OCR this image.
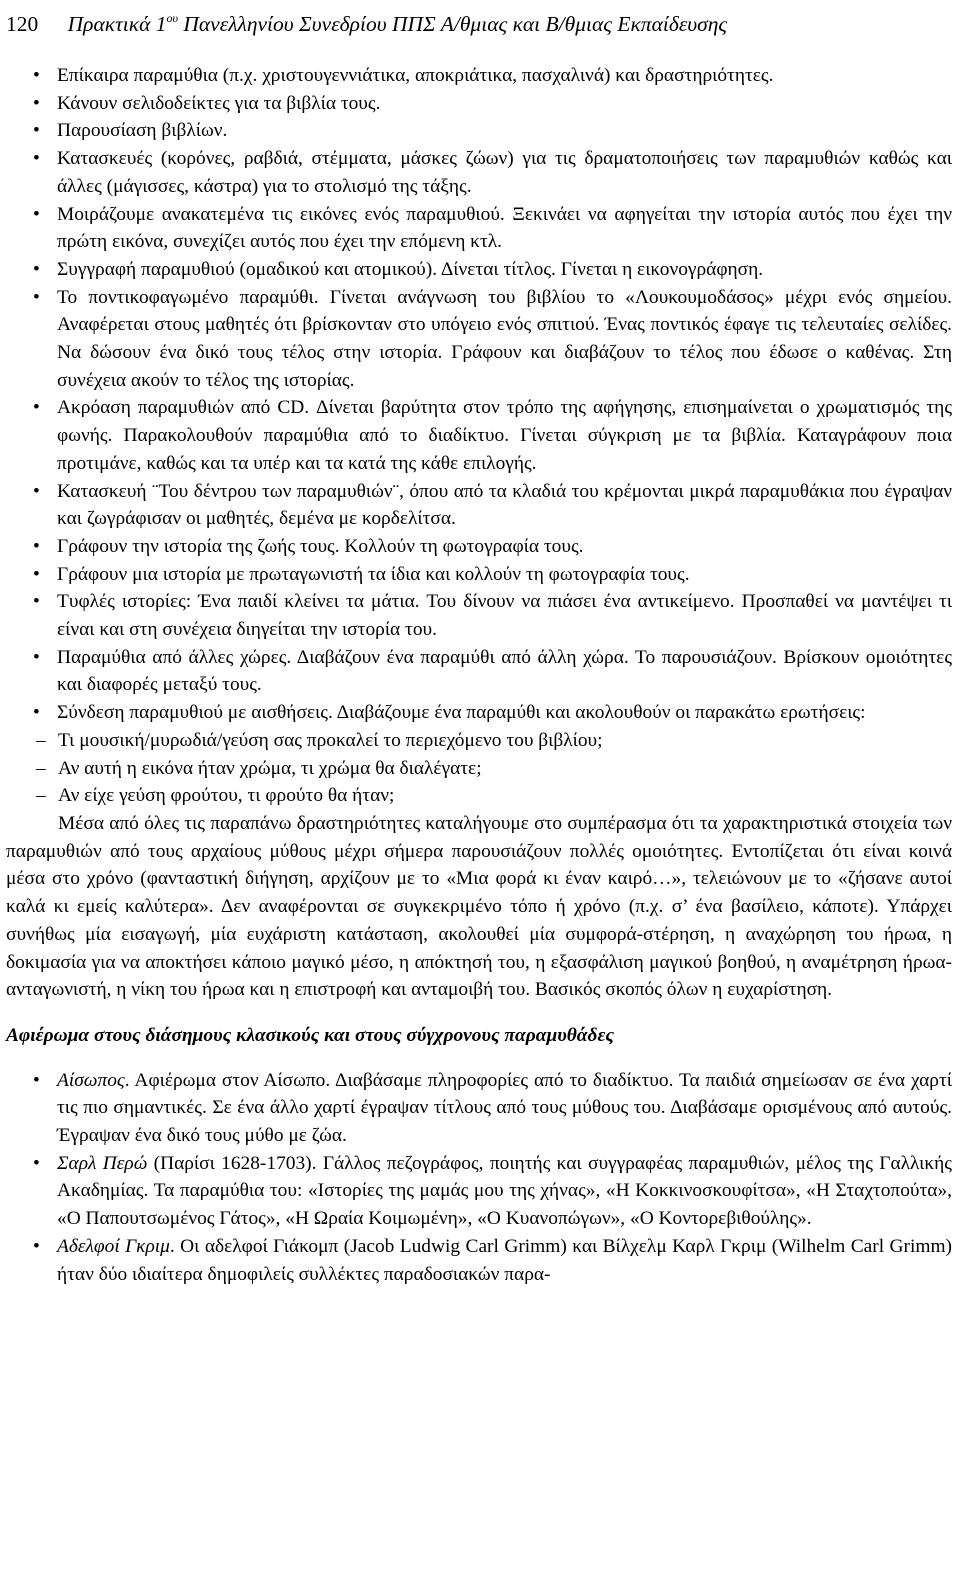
120 Πρακτικά $1^{o\upsilon}$ Πανελληνίου Συνεδρίου ΠΠΣ Α/θμιας και Β/θμιας Εκπαίδευσης

• Επίκαιρα παραμύθια (π.χ. χριστουγεννιάτικα, αποκριάτικα, πασχαλινά) και δραστηριότητες.

• Κάνουν σελιδοδείκτες για τα βιβλία τους.

• Παρουσίαση βιβλίων.

• Κατασκευές (κορόνες, ραβδιά, στέμματα, μάσκες ζώων) για τις δραματοποιήσεις των παραμυθιών καθώς και άλλες (μάγισσες, κάστρα) για το στολισμό της τάξης.

• Μοιράζουμε ανακατεμένα τις εικόνες ενός παραμυθιού. Ξεκινάει να αφηγείται την ιστορία αυτός που έχει την πρώτη εικόνα, συνεχίζει αυτός που έχει την επόμενη κτλ.

• Συγγραφή παραμυθιού (ομαδικού και ατομικού). Δίνεται τίτλος. Γίνεται η εικονογράφηση.

• Το ποντικοφαγωμένο παραμύθι. Γίνεται ανάγνωση του βιβλίου το «Λουκουμοδάσος» μέχρι ενός σημείου. Αναφέρεται στους μαθητές ότι βρίσκονταν στο υπόγειο ενός σπιτιού. Ένας ποντικός έφαγε τις τελευταίες σελίδες. Να δώσουν ένα δικό τους τέλος στην ιστορία. Γράφουν και διαβάζουν το τέλος που έδωσε ο καθένας. Στη συνέχεια ακούν το τέλος της ιστορίας.

• Ακρόαση παραμυθιών από CD. Δίνεται βαρύτητα στον τρόπο της αφήγησης, επισημαίνεται ο χρωματισμός της φωνής. Παρακολουθούν παραμύθια από το διαδίκτυο. Γίνεται σύγκριση με τα βιβλία. Καταγράφουν ποια προτιμάνε, καθώς και τα υπέρ και τα κατά της κάθε επιλογής.

• Κατασκευή ¨Του δέντρου των παραμυθιών¨, όπου από τα κλαδιά του κρέμονται μικρά παραμυθάκια που έγραψαν και ζωγράφισαν οι μαθητές, δεμένα με κορδελίτσα.

• Γράφουν την ιστορία της ζωής τους. Κολλούν τη φωτογραφία τους.

• Γράφουν μια ιστορία με πρωταγωνιστή τα ίδια και κολλούν τη φωτογραφία τους.

• Τυφλές ιστορίες: Ένα παιδί κλείνει τα μάτια. Του δίνουν να πιάσει ένα αντικείμενο. Προσπαθεί να μαντέψει τι είναι και στη συνέχεια διηγείται την ιστορία του.

• Παραμύθια από άλλες χώρες. Διαβάζουν ένα παραμύθι από άλλη χώρα. Το παρουσιάζουν. Βρίσκουν ομοιότητες και διαφορές μεταξύ τους.

• Σύνδεση παραμυθιού με αισθήσεις. Διαβάζουμε ένα παραμύθι και ακολουθούν οι παρακάτω ερωτήσεις:

– Τι μουσική/μυρωδιά/γεύση σας προκαλεί το περιεχόμενο του βιβλίου;

– Αν αυτή η εικόνα ήταν χρώμα, τι χρώμα θα διαλέγατε;

– Αν είχε γεύση φρούτου, τι φρούτο θα ήταν;

Μέσα από όλες τις παραπάνω δραστηριότητες καταλήγουμε στο συμπέρασμα ότι τα χαρακτηριστικά στοιχεία των παραμυθιών από τους αρχαίους μύθους μέχρι σήμερα παρουσιάζουν πολλές ομοιότητες. Εντοπίζεται ότι είναι κοινά μέσα στο χρόνο (φανταστική διήγηση, αρχίζουν με το «Μια φορά κι έναν καιρό…», τελειώνουν με το «ζήσανε αυτοί καλά κι εμείς καλύτερα». Δεν αναφέρονται σε συγκεκριμένο τόπο ή χρόνο (π.χ. σ’ ένα βασίλειο, κάποτε). Υπάρχει συνήθως μία εισαγωγή, μία ευχάριστη κατάσταση, ακολουθεί μία συμφορά-στέρηση, η αναχώρηση του ήρωα, η δοκιμασία για να αποκτήσει κάποιο μαγικό μέσο, η απόκτησή του, η εξασφάλιση μαγικού βοηθού, η αναμέτρηση ήρωα-ανταγωνιστή, η νίκη του ήρωα και η επιστροφή και ανταμοιβή του. Βασικός σκοπός όλων η ευχαρίστηση.

Αφιέρωμα στους διάσημους κλασικούς και στους σύγχρονους παραμυθάδες

• Αίσωπος. Αφιέρωμα στον Αίσωπο. Διαβάσαμε πληροφορίες από το διαδίκτυο. Τα παιδιά σημείωσαν σε ένα χαρτί τις πιο σημαντικές. Σε ένα άλλο χαρτί έγραψαν τίτλους από τους μύθους του. Διαβάσαμε ορισμένους από αυτούς. Έγραψαν ένα δικό τους μύθο με ζώα.

• Σαρλ Περώ (Παρίσι 1628-1703). Γάλλος πεζογράφος, ποιητής και συγγραφέας παραμυθιών, μέλος της Γαλλικής Ακαδημίας. Τα παραμύθια του: «Ιστορίες της μαμάς μου της χήνας», «Η Κοκκινοσκουφίτσα», «Η Σταχτοπούτα», «Ο Παπουτσωμένος Γάτος», «Η Ωραία Κοιμωμένη», «Ο Κυανοπώγων», «Ο Κοντορεβιθούλης».

• Αδελφοί Γκριμ. Οι αδελφοί Γιάκομπ (Jacob Ludwig Carl Grimm) και Βίλχελμ Καρλ Γκριμ (Wilhelm Carl Grimm) ήταν δύο ιδιαίτερα δημοφιλείς συλλέκτες παραδοσιακών παρα-
